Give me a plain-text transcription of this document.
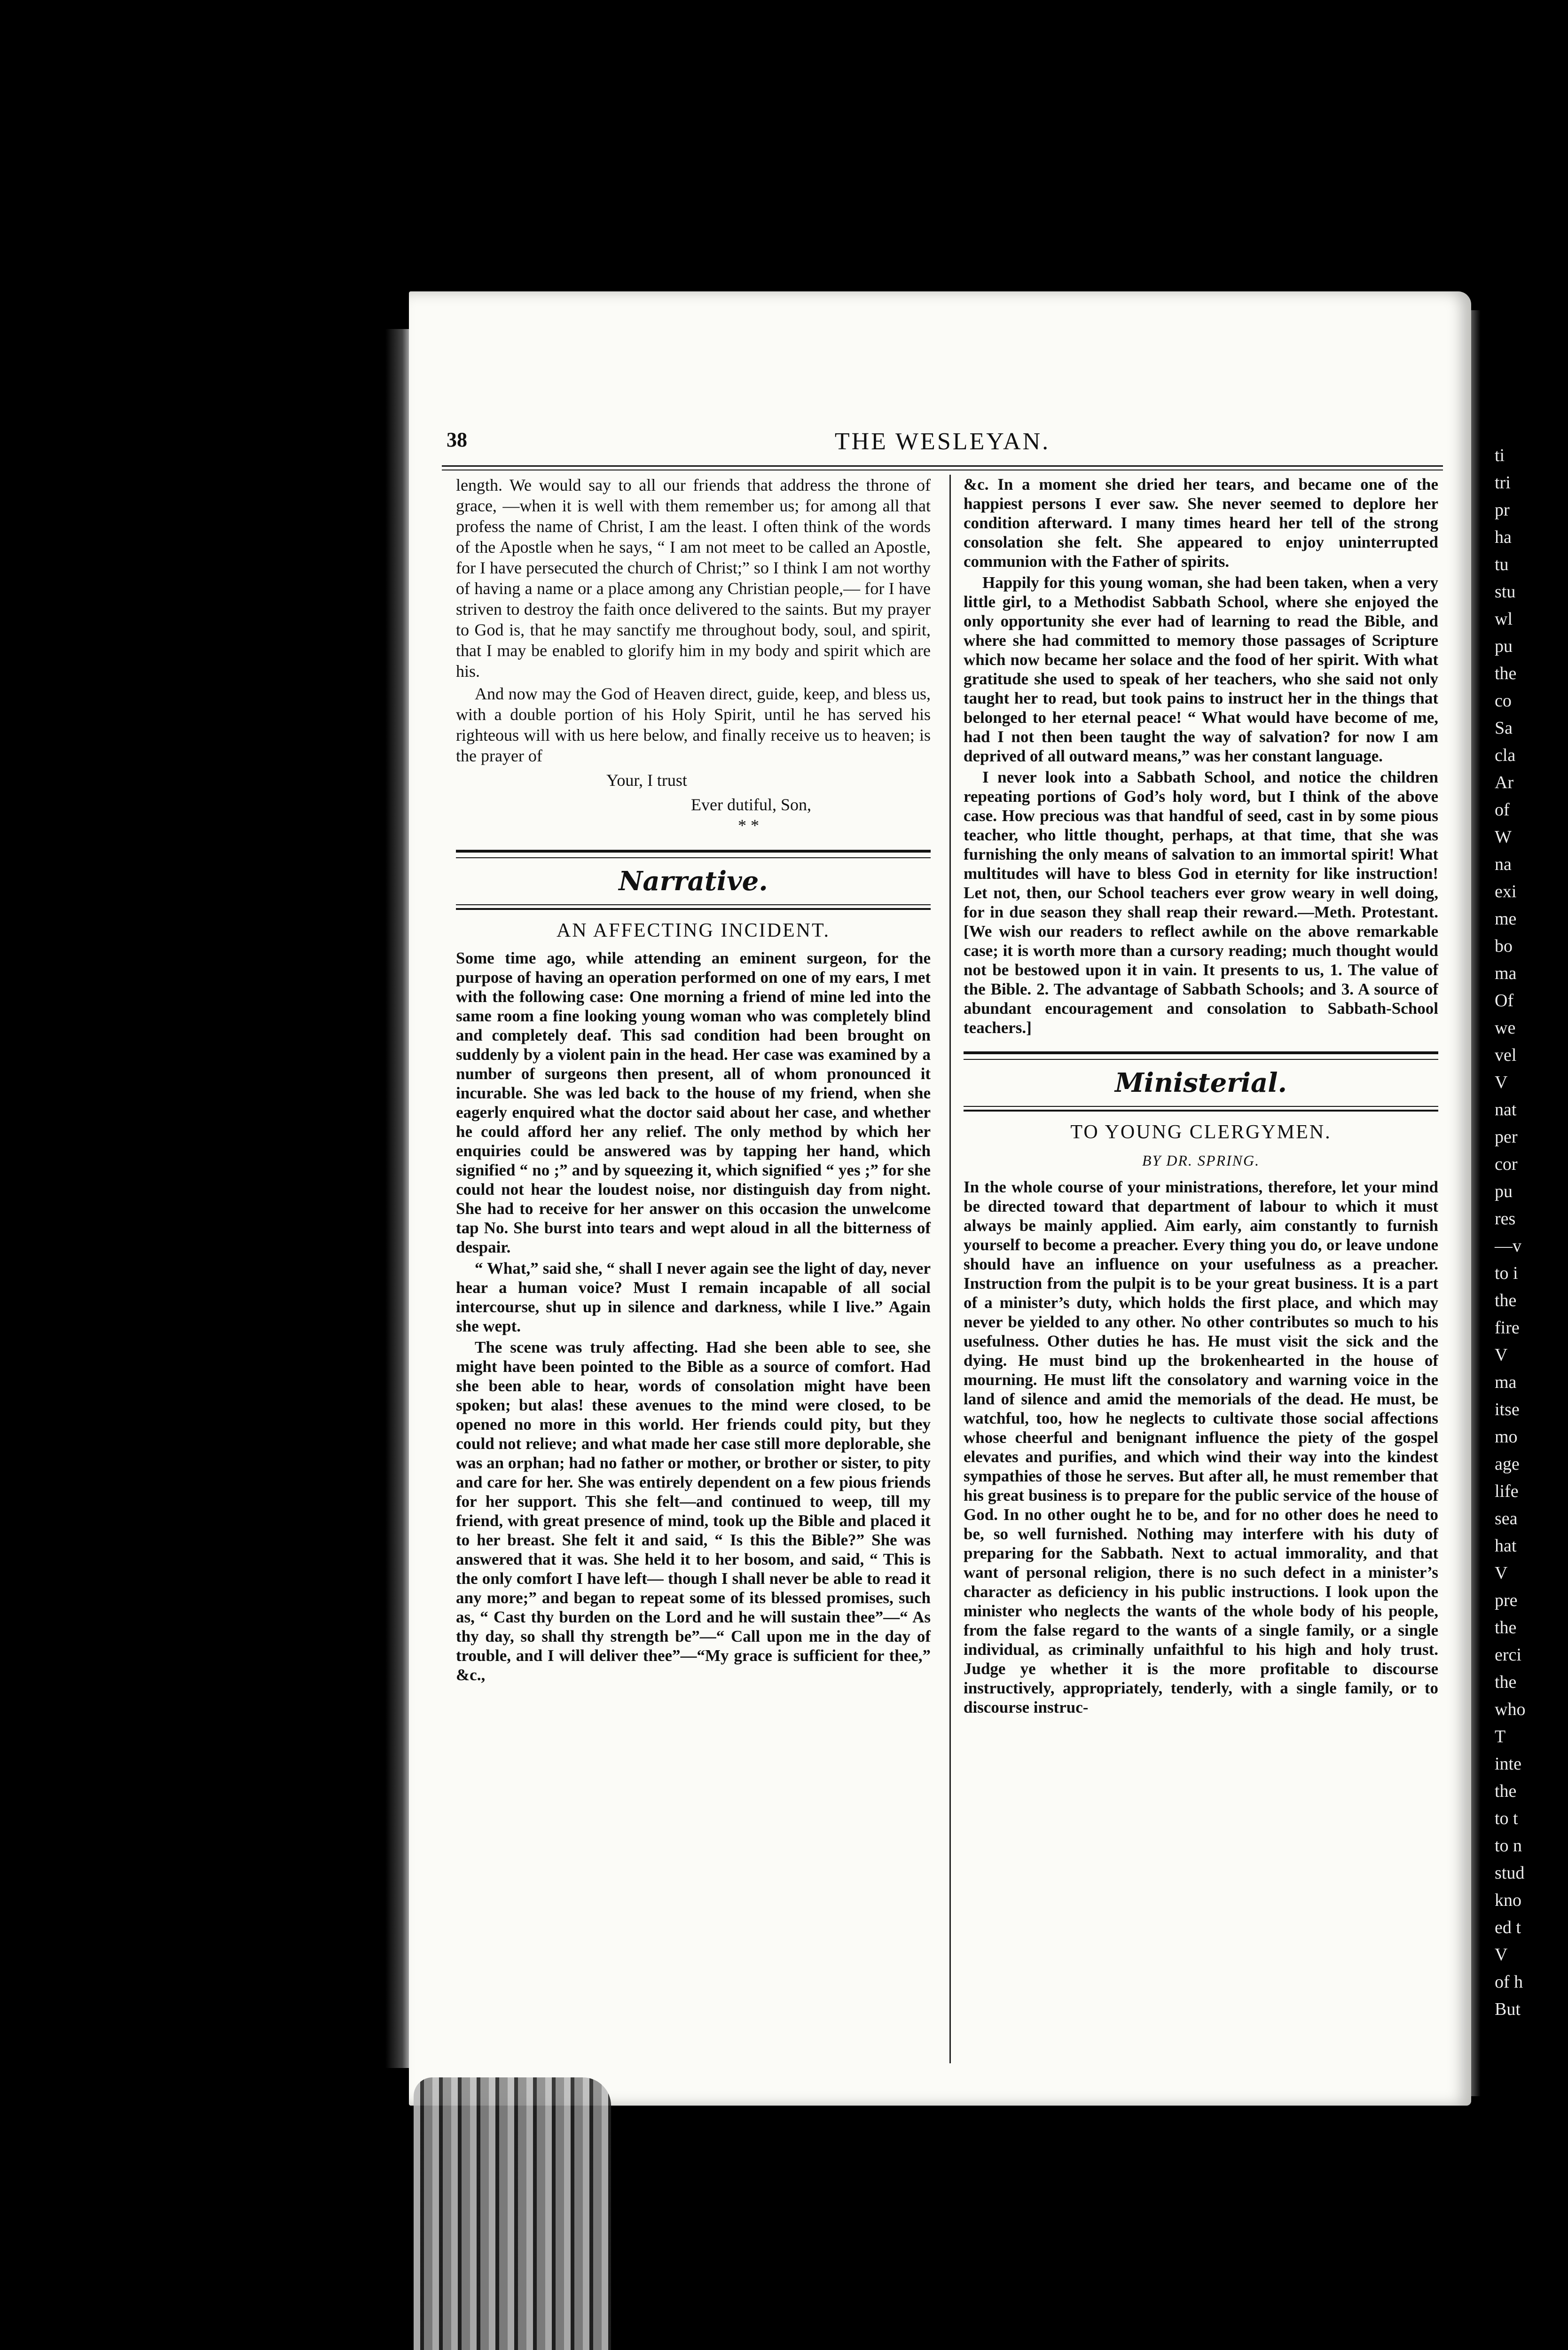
38	THE WESLEYAN.

length. We would say to all our friends that address the throne of grace, —when it is well with them remember us; for among all that profess the name of Christ, I am the least. I often think of the words of the Apostle when he says, “ I am not meet to be called an Apostle, for I have persecuted the church of Christ;” so I think I am not worthy of having a name or a place among any Christian people,— for I have striven to destroy the faith once delivered to the saints. But my prayer to God is, that he may sanctify me throughout body, soul, and spirit, that I may be enabled to glorify him in my body and spirit which are his.

And now may the God of Heaven direct, guide, keep, and bless us, with a double portion of his Holy Spirit, until he has served his righteous will with us here below, and finally receive us to heaven; is the prayer of

Your, I trust

Ever dutiful, Son,

* *

Narrative.
AN AFFECTING INCIDENT.

Some time ago, while attending an eminent surgeon, for the purpose of having an operation performed on one of my ears, I met with the following case: One morning a friend of mine led into the same room a fine looking young woman who was completely blind and completely deaf. This sad condition had been brought on suddenly by a violent pain in the head. Her case was examined by a number of surgeons then present, all of whom pronounced it incurable. She was led back to the house of my friend, when she eagerly enquired what the doctor said about her case, and whether he could afford her any relief. The only method by which her enquiries could be answered was by tapping her hand, which signified “ no ;” and by squeezing it, which signified “ yes ;” for she could not hear the loudest noise, nor distinguish day from night. She had to receive for her answer on this occasion the unwelcome tap No. She burst into tears and wept aloud in all the bitterness of despair.

“ What,” said she, “ shall I never again see the light of day, never hear a human voice? Must I remain incapable of all social intercourse, shut up in silence and darkness, while I live.” Again she wept.

The scene was truly affecting. Had she been able to see, she might have been pointed to the Bible as a source of comfort. Had she been able to hear, words of consolation might have been spoken; but alas! these avenues to the mind were closed, to be opened no more in this world. Her friends could pity, but they could not relieve; and what made her case still more deplorable, she was an orphan; had no father or mother, or brother or sister, to pity and care for her. She was entirely dependent on a few pious friends for her support. This she felt—and continued to weep, till my friend, with great presence of mind, took up the Bible and placed it to her breast. She felt it and said, “ Is this the Bible?” She was answered that it was. She held it to her bosom, and said, “ This is the only comfort I have left— though I shall never be able to read it any more;” and began to repeat some of its blessed promises, such as, “ Cast thy burden on the Lord and he will sustain thee”—“ As thy day, so shall thy strength be”—“ Call upon me in the day of trouble, and I will deliver thee”—“My grace is sufficient for thee,” &c.,

&c. In a moment she dried her tears, and became one of the happiest persons I ever saw. She never seemed to deplore her condition afterward. I many times heard her tell of the strong consolation she felt. She appeared to enjoy uninterrupted communion with the Father of spirits.

Happily for this young woman, she had been taken, when a very little girl, to a Methodist Sabbath School, where she enjoyed the only opportunity she ever had of learning to read the Bible, and where she had committed to memory those passages of Scripture which now became her solace and the food of her spirit. With what gratitude she used to speak of her teachers, who she said not only taught her to read, but took pains to instruct her in the things that belonged to her eternal peace! “ What would have become of me, had I not then been taught the way of salvation? for now I am deprived of all outward means,” was her constant language.

I never look into a Sabbath School, and notice the children repeating portions of God’s holy word, but I think of the above case. How precious was that handful of seed, cast in by some pious teacher, who little thought, perhaps, at that time, that she was furnishing the only means of salvation to an immortal spirit! What multitudes will have to bless God in eternity for like instruction! Let not, then, our School teachers ever grow weary in well doing, for in due season they shall reap their reward.—Meth. Protestant. [We wish our readers to reflect awhile on the above remarkable case; it is worth more than a cursory reading; much thought would not be bestowed upon it in vain. It presents to us, 1. The value of the Bible. 2. The advantage of Sabbath Schools; and 3. A source of abundant encouragement and consolation to Sabbath-School teachers.]

Ministerial.
TO YOUNG CLERGYMEN.
BY DR. SPRING.

In the whole course of your ministrations, therefore, let your mind be directed toward that department of labour to which it must always be mainly applied. Aim early, aim constantly to furnish yourself to become a preacher. Every thing you do, or leave undone should have an influence on your usefulness as a preacher. Instruction from the pulpit is to be your great business. It is a part of a minister’s duty, which holds the first place, and which may never be yielded to any other. No other contributes so much to his usefulness. Other duties he has. He must visit the sick and the dying. He must bind up the brokenhearted in the house of mourning. He must lift the consolatory and warning voice in the land of silence and amid the memorials of the dead. He must, be watchful, too, how he neglects to cultivate those social affections whose cheerful and benignant influence the piety of the gospel elevates and purifies, and which wind their way into the kindest sympathies of those he serves. But after all, he must remember that his great business is to prepare for the public service of the house of God. In no other ought he to be, and for no other does he need to be, so well furnished. Nothing may interfere with his duty of preparing for the Sabbath. Next to actual immorality, and that want of personal religion, there is no such defect in a minister’s character as deficiency in his public instructions. I look upon the minister who neglects the wants of the whole body of his people, from the false regard to the wants of a single family, or a single individual, as criminally unfaithful to his high and holy trust. Judge ye whether it is the more profitable to discourse instructively, appropriately, tenderly, with a single family, or to discourse instruc-

ti
tri
pr
ha
tu
stu
wl
pu
the
co
Sa
cla
Ar
of
W
na
exi
me
bo
ma
Of
we
vel
V
nat
per
cor
pu
res
—v
to i
the
fire
V
ma
itse
mo
age
life
sea
hat
V
pre
the
erci
the
who
T
inte
the
to t
to n
stud
kno
ed t
V
of h
But
